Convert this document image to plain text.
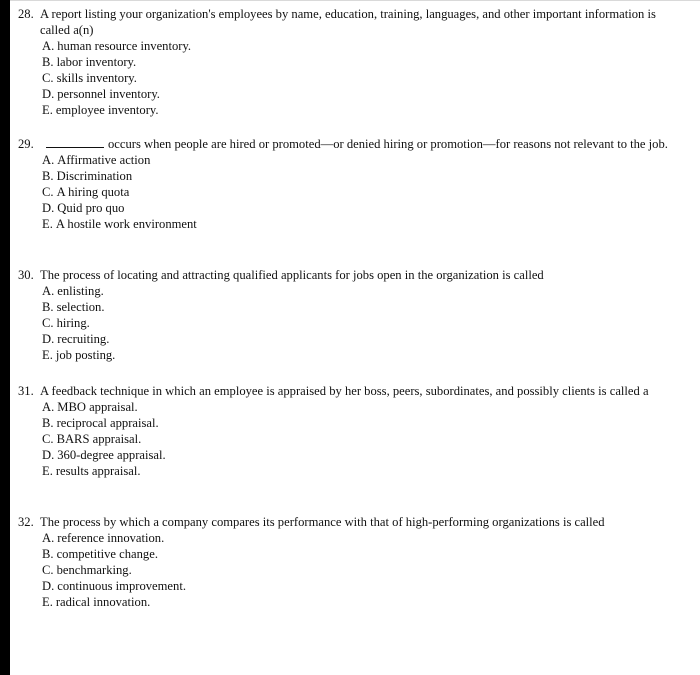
28. A report listing your organization's employees by name, education, training, languages, and other important information is called a(n)
A. human resource inventory.
B. labor inventory.
C. skills inventory.
D. personnel inventory.
E. employee inventory.
29.	occurs when people are hired or promoted—or denied hiring or promotion—for reasons not relevant to the job.
A. Affirmative action
B. Discrimination
C. A hiring quota
D. Quid pro quo
E. A hostile work environment
30. The process of locating and attracting qualified applicants for jobs open in the organization is called
A. enlisting.
B. selection.
C. hiring.
D. recruiting.
E. job posting.
31. A feedback technique in which an employee is appraised by her boss, peers, subordinates, and possibly clients is called a
A. MBO appraisal.
B. reciprocal appraisal.
C. BARS appraisal.
D. 360-degree appraisal.
E. results appraisal.
32. The process by which a company compares its performance with that of high-performing organizations is called
A. reference innovation.
B. competitive change.
C. benchmarking.
D. continuous improvement.
E. radical innovation.
